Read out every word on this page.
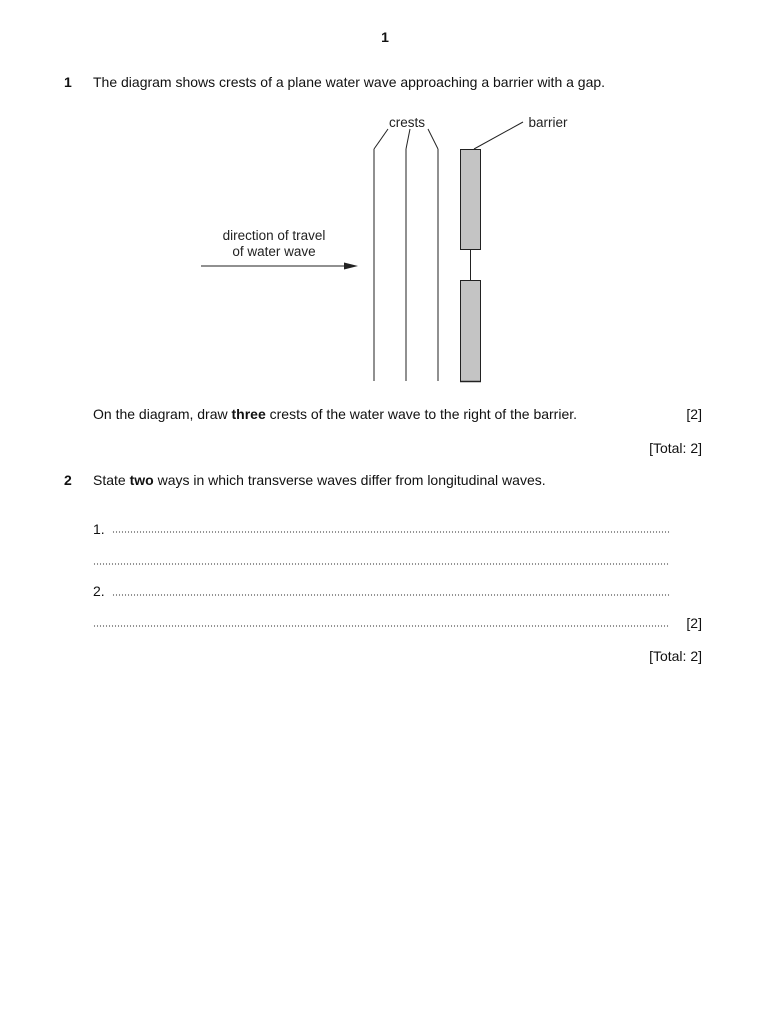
1
1 The diagram shows crests of a plane water wave approaching a barrier with a gap.
crests	barrier
direction of travel
of water wave
On the diagram, draw three crests of the water wave to the right of the barrier.	[2]
[Total: 2]
2 State two ways in which transverse waves differ from longitudinal waves.
1.
2.
[2]
[Total: 2]
